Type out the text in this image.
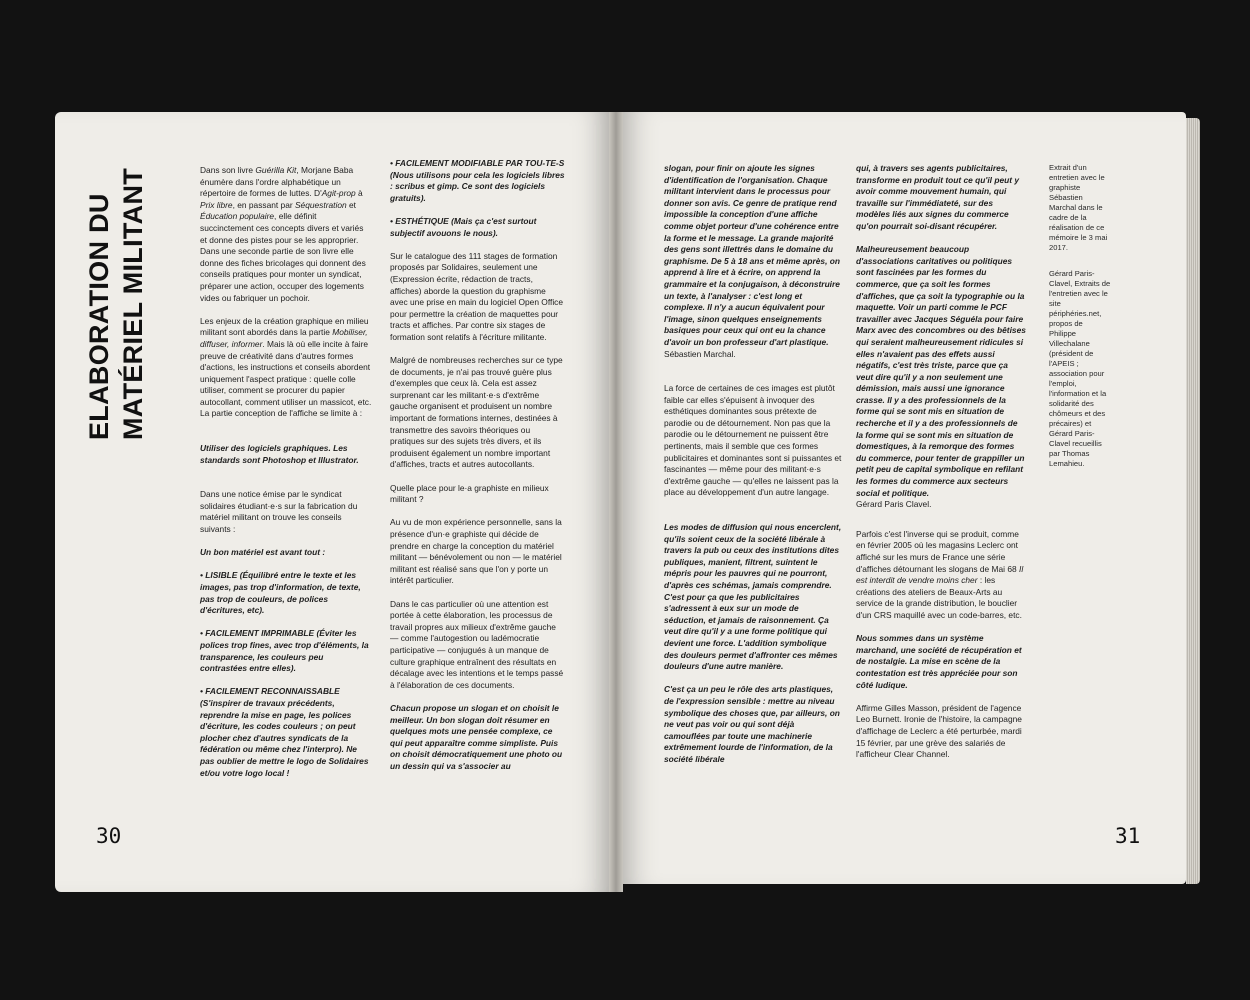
ELABORATION DU MATÉRIEL MILITANT	Dans son livre Guérilla Kit, Morjane Baba énumère dans l'ordre alphabétique un répertoire de formes de luttes. D'Agit-prop à Prix libre, en passant par Séquestration et Éducation populaire, elle définit succinctement ces concepts divers et variés et donne des pistes pour se les approprier. Dans une seconde partie de son livre elle donne des fiches bricolages qui donnent des conseils pratiques pour monter un syndicat, préparer une action, occuper des logements vides ou fabriquer un pochoir.

Les enjeux de la création graphique en milieu militant sont abordés dans la partie Mobiliser, diffuser, informer. Mais là où elle incite à faire preuve de créativité dans d'autres formes d'actions, les instructions et conseils abordent uniquement l'aspect pratique : quelle colle utiliser, comment se procurer du papier autocollant, comment utiliser un massicot, etc.

La partie conception de l'affiche se limite à :

Utiliser des logiciels graphiques. Les standards sont Photoshop et Illustrator.

Dans une notice émise par le syndicat solidaires étudiant·e·s sur la fabrication du matériel militant on trouve les conseils suivants :

Un bon matériel est avant tout :

• LISIBLE (Équilibré entre le texte et les images, pas trop d'information, de texte, pas trop de couleurs, de polices d'écritures, etc).

• FACILEMENT IMPRIMABLE (Éviter les polices trop fines, avec trop d'éléments, la transparence, les couleurs peu contrastées entre elles).

• FACILEMENT RECONNAISSABLE (S'inspirer de travaux précédents, reprendre la mise en page, les polices d'écriture, les codes couleurs ; on peut plocher chez d'autres syndicats de la fédération ou même chez l'interpro). Ne pas oublier de mettre le logo de Solidaires et/ou votre logo local !

• FACILEMENT MODIFIABLE PAR TOU-TE-S (Nous utilisons pour cela les logiciels libres : scribus et gimp. Ce sont des logiciels gratuits).

• ESTHÉTIQUE (Mais ça c'est surtout subjectif avouons le nous).

Sur le catalogue des 111 stages de formation proposés par Solidaires, seulement une (Expression écrite, rédaction de tracts, affiches) aborde la question du graphisme avec une prise en main du logiciel Open Office pour permettre la création de maquettes pour tracts et affiches. Par contre six stages de formation sont relatifs à l'écriture militante.

Malgré de nombreuses recherches sur ce type de documents, je n'ai pas trouvé guère plus d'exemples que ceux là. Cela est assez surprenant car les militant·e·s d'extrême gauche organisent et produisent un nombre important de formations internes, destinées à transmettre des savoirs théoriques ou pratiques sur des sujets très divers, et ils produisent également un nombre important d'affiches, tracts et autres autocollants.

Quelle place pour le·a graphiste en milieux militant ?

Au vu de mon expérience personnelle, sans la présence d'un·e graphiste qui décide de prendre en charge la conception du matériel militant — bénévolement ou non — le matériel militant est réalisé sans que l'on y porte un intérêt particulier.

Dans le cas particulier où une attention est portée à cette élaboration, les processus de travail propres aux milieux d'extrême gauche — comme l'autogestion ou ladémocratie participative — conjugués à un manque de culture graphique entraînent des résultats en décalage avec les intentions et le temps passé à l'élaboration de ces documents.

Chacun propose un slogan et on choisit le meilleur. Un bon slogan doit résumer en quelques mots une pensée complexe, ce qui peut apparaître comme simpliste. Puis on choisit démocratiquement une photo ou un dessin qui va s'associer au

slogan, pour finir on ajoute les signes d'identification de l'organisation. Chaque militant intervient dans le processus pour donner son avis. Ce genre de pratique rend impossible la conception d'une affiche comme objet porteur d'une cohérence entre la forme et le message. La grande majorité des gens sont illettrés dans le domaine du graphisme. De 5 à 18 ans et même après, on apprend à lire et à écrire, on apprend la grammaire et la conjugaison, à déconstruire un texte, à l'analyser : c'est long et complexe. Il n'y a aucun équivalent pour l'image, sinon quelques enseignements basiques pour ceux qui ont eu la chance d'avoir un bon professeur d'art plastique.

Sébastien Marchal.

La force de certaines de ces images est plutôt faible car elles s'épuisent à invoquer des esthétiques dominantes sous prétexte de parodie ou de détournement. Non pas que la parodie ou le détournement ne puissent être pertinents, mais il semble que ces formes publicitaires et dominantes sont si puissantes et fascinantes — même pour des militant·e·s d'extrême gauche — qu'elles ne laissent pas la place au développement d'un autre langage.

Les modes de diffusion qui nous encerclent, qu'ils soient ceux de la société libérale à travers la pub ou ceux des institutions dites publiques, manient, filtrent, suintent le mépris pour les pauvres qui ne pourront, d'après ces schémas, jamais comprendre. C'est pour ça que les publicitaires s'adressent à eux sur un mode de séduction, et jamais de raisonnement. Ça veut dire qu'il y a une forme politique qui devient une force. L'addition symbolique des douleurs permet d'affronter ces mêmes douleurs d'une autre manière.

C'est ça un peu le rôle des arts plastiques, de l'expression sensible : mettre au niveau symbolique des choses que, par ailleurs, on ne veut pas voir ou qui sont déjà camouflées par toute une machinerie extrêmement lourde de l'information, de la société libérale

qui, à travers ses agents publicitaires, transforme en produit tout ce qu'il peut y avoir comme mouvement humain, qui travaille sur l'immédiateté, sur des modèles liés aux signes du commerce qu'on pourrait soi-disant récupérer.

Malheureusement beaucoup d'associations caritatives ou politiques sont fascinées par les formes du commerce, que ça soit les formes d'affiches, que ça soit la typographie ou la maquette. Voir un parti comme le PCF travailler avec Jacques Séguéla pour faire Marx avec des concombres ou des bêtises qui seraient malheureusement ridicules si elles n'avaient pas des effets aussi négatifs, c'est très triste, parce que ça veut dire qu'il y a non seulement une démission, mais aussi une ignorance crasse. Il y a des professionnels de la forme qui se sont mis en situation de recherche et il y a des professionnels de la forme qui se sont mis en situation de domestiques, à la remorque des formes du commerce, pour tenter de grappiller un petit peu de capital symbolique en refilant les formes du commerce aux secteurs social et politique.

Gérard Paris Clavel.

Parfois c'est l'inverse qui se produit, comme en février 2005 où les magasins Leclerc ont affiché sur les murs de France une série d'affiches détournant les slogans de Mai 68 Il est interdit de vendre moins cher : les créations des ateliers de Beaux-Arts au service de la grande distribution, le bouclier d'un CRS maquillé avec un code-barres, etc.

Nous sommes dans un système marchand, une société de récupération et de nostalgie. La mise en scène de la contestation est très appréciée pour son côté ludique.

Affirme Gilles Masson, président de l'agence Leo Burnett. Ironie de l'histoire, la campagne d'affichage de Leclerc a été perturbée, mardi 15 février, par une grève des salariés de l'afficheur Clear Channel.

Extrait d'un entretien avec le graphiste Sébastien Marchal dans le cadre de la réalisation de ce mémoire le 3 mai 2017.

Gérard Paris-Clavel, Extraits de l'entretien avec le site périphéries.net, propos de Philippe Villechalane (président de l'APEIS ; association pour l'emploi, l'information et la solidarité des chômeurs et des précaires) et Gérard Paris-Clavel recueillis par Thomas Lemahieu.

30	31
